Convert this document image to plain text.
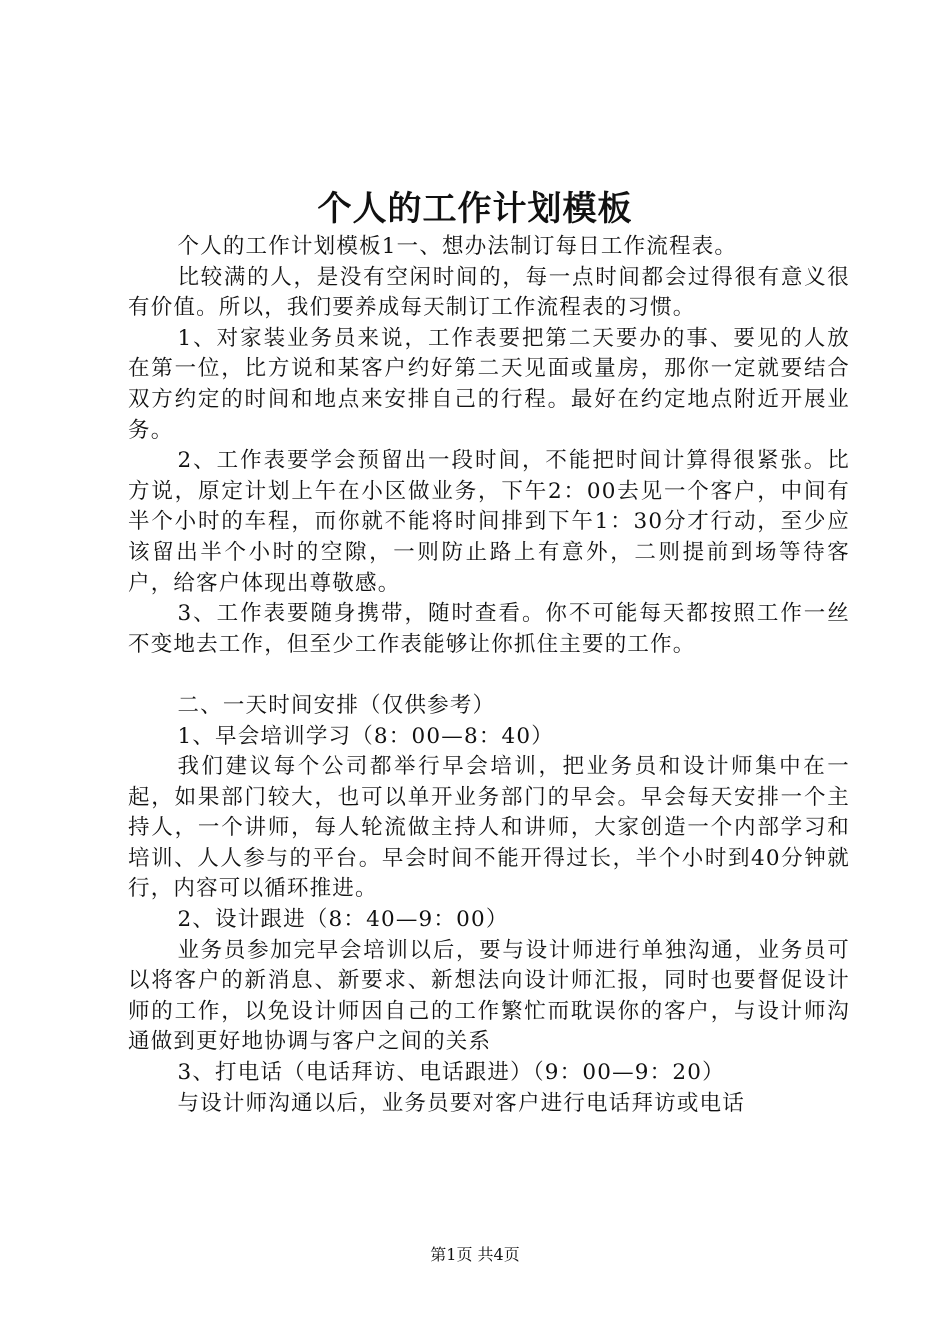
个人的工作计划模板

个人的工作计划模板1一、想办法制订每日工作流程表。

比较满的人，是没有空闲时间的，每一点时间都会过得很有意义很有价值。所以，我们要养成每天制订工作流程表的习惯。

1、对家装业务员来说，工作表要把第二天要办的事、要见的人放在第一位，比方说和某客户约好第二天见面或量房，那你一定就要结合双方约定的时间和地点来安排自己的行程。最好在约定地点附近开展业务。

2、工作表要学会预留出一段时间，不能把时间计算得很紧张。比方说，原定计划上午在小区做业务，下午2：00去见一个客户，中间有半个小时的车程，而你就不能将时间排到下午1：30分才行动，至少应该留出半个小时的空隙，一则防止路上有意外，二则提前到场等待客户，给客户体现出尊敬感。

3、工作表要随身携带，随时查看。你不可能每天都按照工作一丝不变地去工作，但至少工作表能够让你抓住主要的工作。

二、一天时间安排（仅供参考）

1、早会培训学习（8：00—8：40）

我们建议每个公司都举行早会培训，把业务员和设计师集中在一起，如果部门较大，也可以单开业务部门的早会。早会每天安排一个主持人，一个讲师，每人轮流做主持人和讲师，大家创造一个内部学习和培训、人人参与的平台。早会时间不能开得过长，半个小时到40分钟就行，内容可以循环推进。

2、设计跟进（8：40—9：00）

业务员参加完早会培训以后，要与设计师进行单独沟通，业务员可以将客户的新消息、新要求、新想法向设计师汇报，同时也要督促设计师的工作，以免设计师因自己的工作繁忙而耽误你的客户，与设计师沟通做到更好地协调与客户之间的关系

3、打电话（电话拜访、电话跟进）（9：00—9：20）

与设计师沟通以后，业务员要对客户进行电话拜访或电话

第1页 共4页
